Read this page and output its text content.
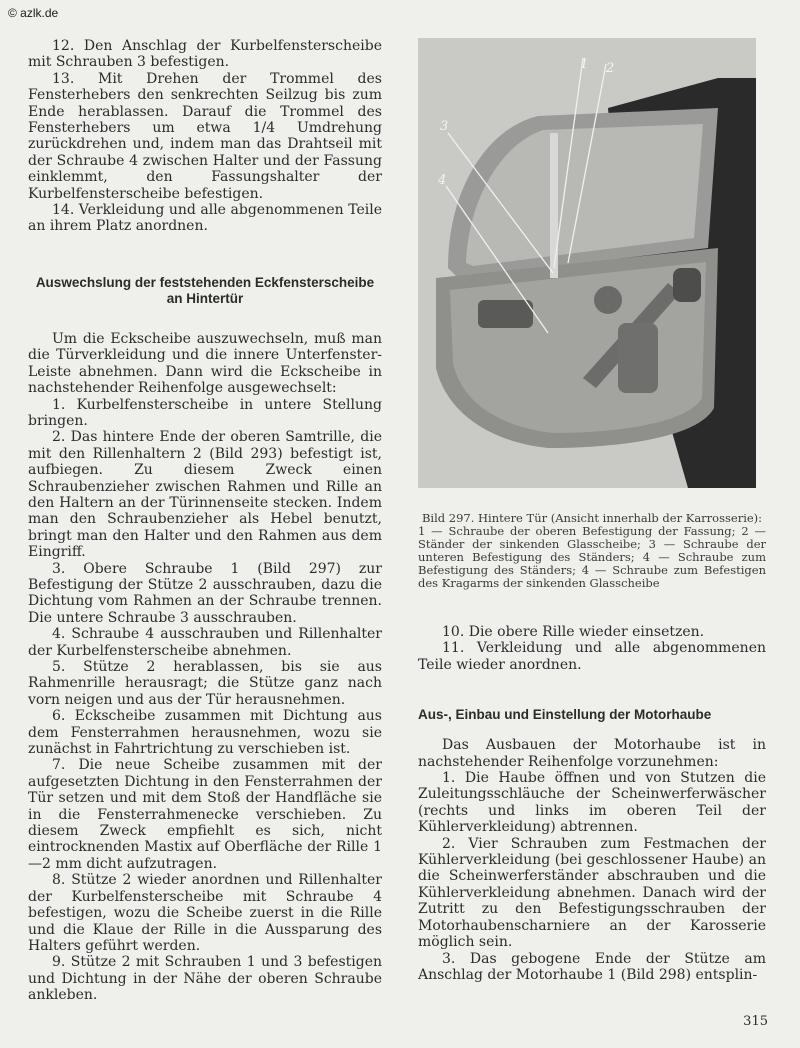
© azlk.de

12. Den Anschlag der Kurbelfensterscheibe mit Schrauben 3 befestigen.

13. Mit Drehen der Trommel des Fensterhebers den senkrechten Seilzug bis zum Ende herablassen. Darauf die Trommel des Fensterhebers um etwa 1/4 Umdrehung zurückdrehen und, indem man das Drahtseil mit der Schraube 4 zwischen Halter und der Fassung einklemmt, den Fassungshalter der Kurbelfensterscheibe befestigen.

14. Verkleidung und alle abgenommenen Teile an ihrem Platz anordnen.

Auswechslung der feststehenden Eckfensterscheibe an Hintertür

Um die Eckscheibe auszuwechseln, muß man die Türverkleidung und die innere Unterfenster-Leiste abnehmen. Dann wird die Eckscheibe in nachstehender Reihenfolge ausgewechselt:

1. Kurbelfensterscheibe in untere Stellung bringen.

2. Das hintere Ende der oberen Samtrille, die mit den Rillenhaltern 2 (Bild 293) befestigt ist, aufbiegen. Zu diesem Zweck einen Schraubenzieher zwischen Rahmen und Rille an den Haltern an der Türinnenseite stecken. Indem man den Schraubenzieher als Hebel benutzt, bringt man den Halter und den Rahmen aus dem Eingriff.

3. Obere Schraube 1 (Bild 297) zur Befestigung der Stütze 2 ausschrauben, dazu die Dichtung vom Rahmen an der Schraube trennen. Die untere Schraube 3 ausschrauben.

4. Schraube 4 ausschrauben und Rillenhalter der Kurbelfensterscheibe abnehmen.

5. Stütze 2 herablassen, bis sie aus Rahmenrille herausragt; die Stütze ganz nach vorn neigen und aus der Tür herausnehmen.

6. Eckscheibe zusammen mit Dichtung aus dem Fensterrahmen herausnehmen, wozu sie zunächst in Fahrtrichtung zu verschieben ist.

7. Die neue Scheibe zusammen mit der aufgesetzten Dichtung in den Fensterrahmen der Tür setzen und mit dem Stoß der Handfläche sie in die Fensterrahmenecke verschieben. Zu diesem Zweck empfiehlt es sich, nicht eintrocknenden Mastix auf Oberfläche der Rille 1—2 mm dicht aufzutragen.

8. Stütze 2 wieder anordnen und Rillenhalter der Kurbelfensterscheibe mit Schraube 4 befestigen, wozu die Scheibe zuerst in die Rille und die Klaue der Rille in die Aussparung des Halters geführt werden.

9. Stütze 2 mit Schrauben 1 und 3 befestigen und Dichtung in der Nähe der oberen Schraube ankleben.

1 2
3
4
Bild 297. Hintere Tür (Ansicht innerhalb der Karrosserie):
1 — Schraube der oberen Befestigung der Fassung; 2 — Ständer der sinkenden Glasscheibe; 3 — Schraube der unteren Befestigung des Ständers; 4 — Schraube zum Befestigung des Ständers; 4 — Schraube zum Befestigen des Kragarms der sinkenden Glasscheibe

10. Die obere Rille wieder einsetzen.

11. Verkleidung und alle abgenommenen Teile wieder anordnen.

Aus-, Einbau und Einstellung der Motorhaube

Das Ausbauen der Motorhaube ist in nachstehender Reihenfolge vorzunehmen:

1. Die Haube öffnen und von Stutzen die Zuleitungsschläuche der Scheinwerferwäscher (rechts und links im oberen Teil der Kühlerverkleidung) abtrennen.

2. Vier Schrauben zum Festmachen der Kühlerverkleidung (bei geschlossener Haube) an die Scheinwerferständer abschrauben und die Kühlerverkleidung abnehmen. Danach wird der Zutritt zu den Befestigungsschrauben der Motorhaubenscharniere an der Karosserie möglich sein.

3. Das gebogene Ende der Stütze am Anschlag der Motorhaube 1 (Bild 298) entsplin-

315
